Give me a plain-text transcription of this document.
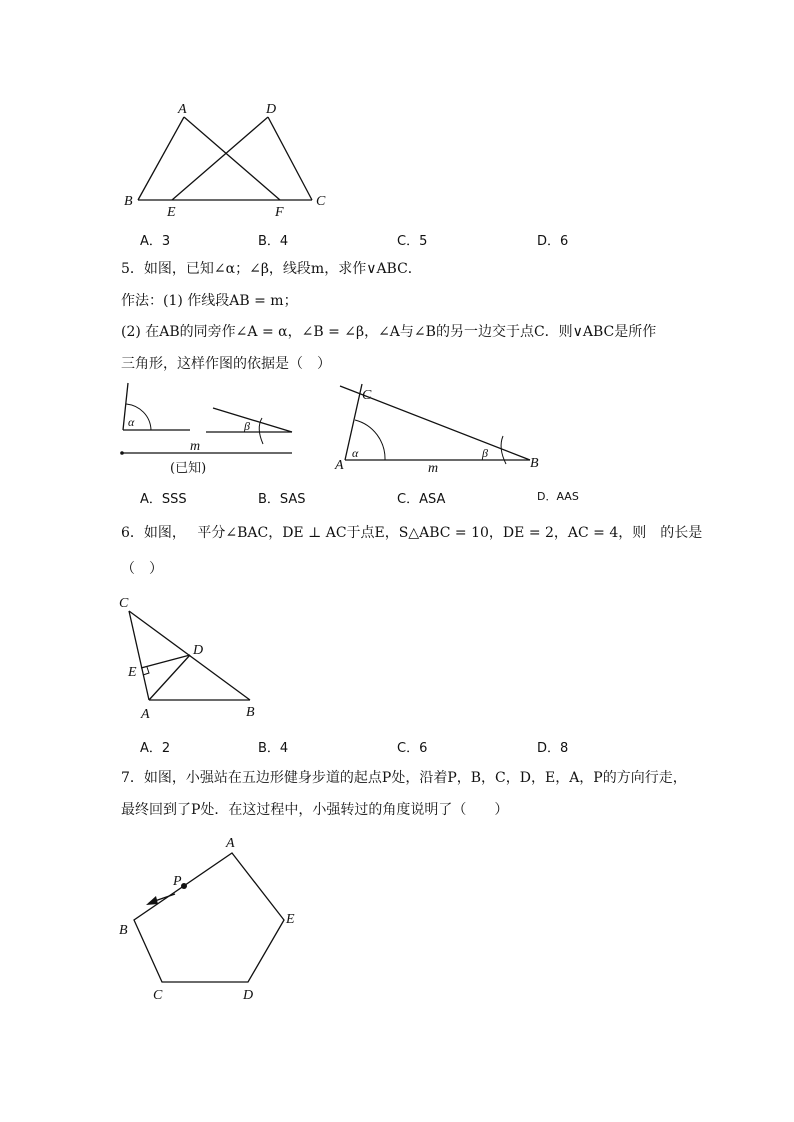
A	D
B	C
E	F
A．3	B．4	C．5	D．6
5．如图，已知∠α；∠β，线段m，求作∨ABC．
作法：(1) 作线段AB = m；
(2) 在AB的同旁作∠A = α，∠B = ∠β，∠A与∠B的另一边交于点C．则∨ABC是所作
三角形，这样作图的依据是（　）
α	β
m	α	β
A	B
C
m
(已知)
A．SSS	B．SAS	C．ASA	D．AAS
6．如图，　 平分∠BAC，DE ⊥ AC于点E，S△ABC = 10，DE = 2，AC = 4，则　的长是
（　）
C
D
E
A	B
A．2	B．4	C．6	D．8
7．如图，小强站在五边形健身步道的起点P处，沿着P，B，C，D，E，A，P的方向行走，
最终回到了P处．在这过程中，小强转过的角度说明了（　　）
A
P
B
E
C	D
